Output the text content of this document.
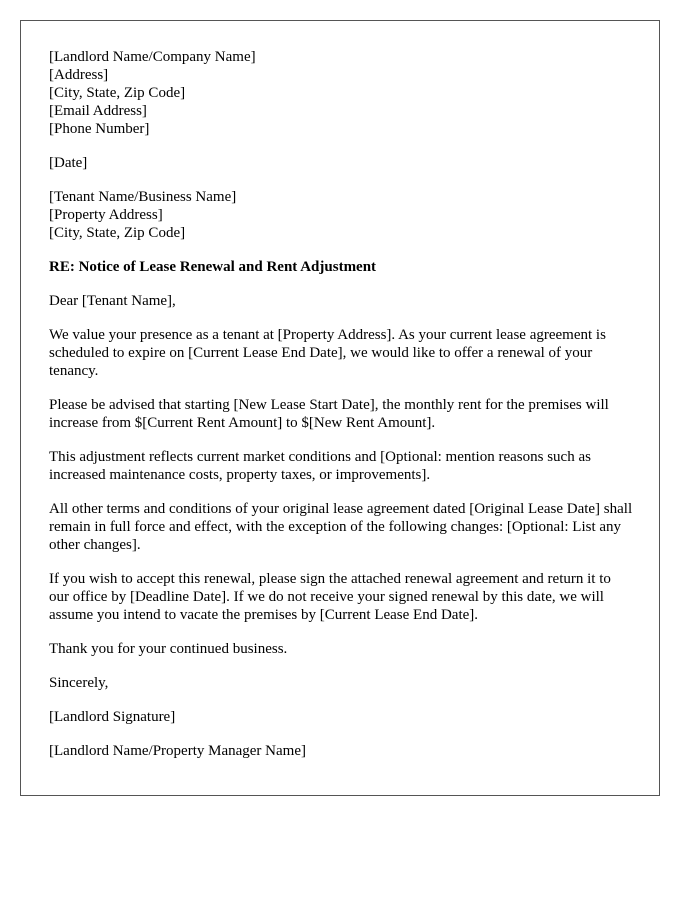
[Landlord Name/Company Name]
[Address]
[City, State, Zip Code]
[Email Address]
[Phone Number]
[Date]
[Tenant Name/Business Name]
[Property Address]
[City, State, Zip Code]
RE: Notice of Lease Renewal and Rent Adjustment
Dear [Tenant Name],

We value your presence as a tenant at [Property Address]. As your current lease agreement is scheduled to expire on [Current Lease End Date], we would like to offer a renewal of your tenancy.

Please be advised that starting [New Lease Start Date], the monthly rent for the premises will increase from $[Current Rent Amount] to $[New Rent Amount].

This adjustment reflects current market conditions and [Optional: mention reasons such as increased maintenance costs, property taxes, or improvements].

All other terms and conditions of your original lease agreement dated [Original Lease Date] shall remain in full force and effect, with the exception of the following changes: [Optional: List any other changes].

If you wish to accept this renewal, please sign the attached renewal agreement and return it to our office by [Deadline Date]. If we do not receive your signed renewal by this date, we will assume you intend to vacate the premises by [Current Lease End Date].

Thank you for your continued business.

Sincerely,
[Landlord Signature]
[Landlord Name/Property Manager Name]
